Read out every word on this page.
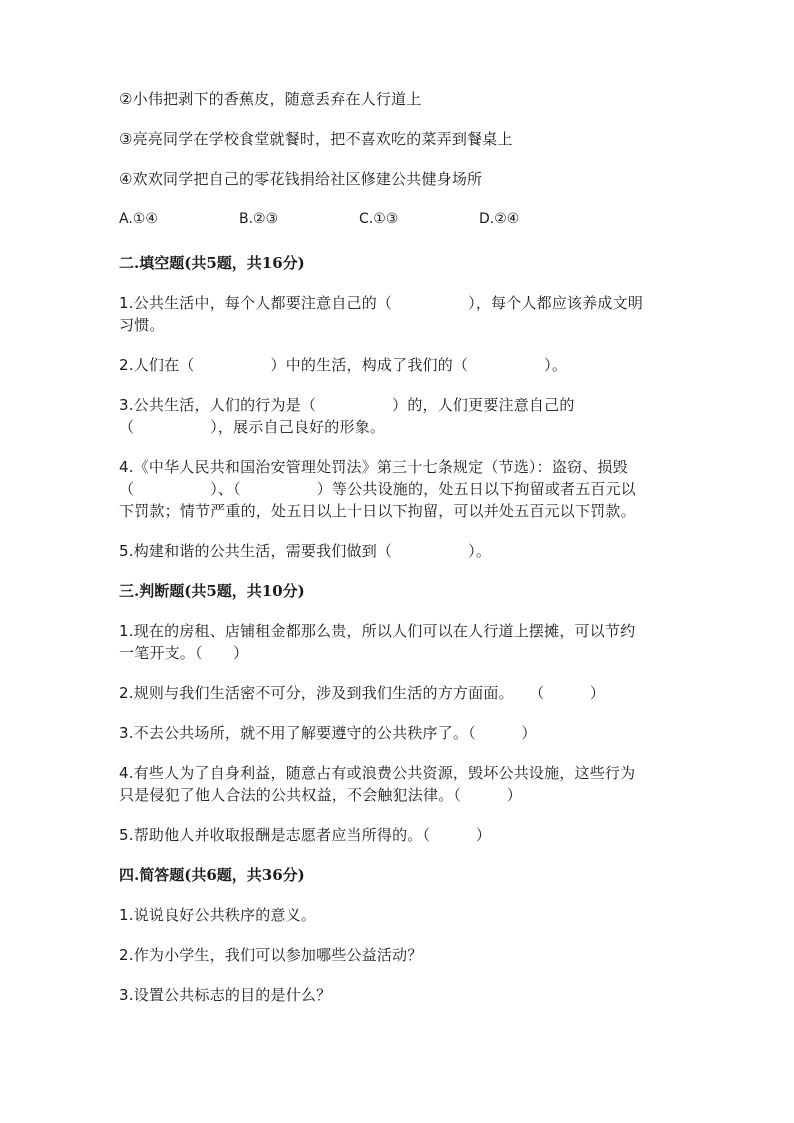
②小伟把剥下的香蕉皮，随意丢弃在人行道上
③亮亮同学在学校食堂就餐时，把不喜欢吃的菜弄到餐桌上
④欢欢同学把自己的零花钱捐给社区修建公共健身场所
A.①④	B.②③	C.①③	D.②④
二.填空题(共5题，共16分)
1.公共生活中，每个人都要注意自己的（　　　　　），每个人都应该养成文明
习惯。
2.人们在（　　　　　）中的生活，构成了我们的（　　　　　）。
3.公共生活，人们的行为是（　　　　　）的，人们更要注意自己的
（　　　　　），展示自己良好的形象。
4.《中华人民共和国治安管理处罚法》第三十七条规定（节选）：盗窃、损毁
（　　　　　）、（　　　　　）等公共设施的，处五日以下拘留或者五百元以
下罚款；情节严重的，处五日以上十日以下拘留，可以并处五百元以下罚款。
5.构建和谐的公共生活，需要我们做到（　　　　　）。
三.判断题(共5题，共10分)
1.现在的房租、店铺租金都那么贵，所以人们可以在人行道上摆摊，可以节约
一笔开支。（　　）
2.规则与我们生活密不可分，涉及到我们生活的方方面面。　　（　　　）
3.不去公共场所，就不用了解要遵守的公共秩序了。（　　　）
4.有些人为了自身利益，随意占有或浪费公共资源，毁坏公共设施，这些行为
只是侵犯了他人合法的公共权益，不会触犯法律。（　　　）
5.帮助他人并收取报酬是志愿者应当所得的。（　　　）
四.简答题(共6题，共36分)
1.说说良好公共秩序的意义。
2.作为小学生，我们可以参加哪些公益活动？
3.设置公共标志的目的是什么？
